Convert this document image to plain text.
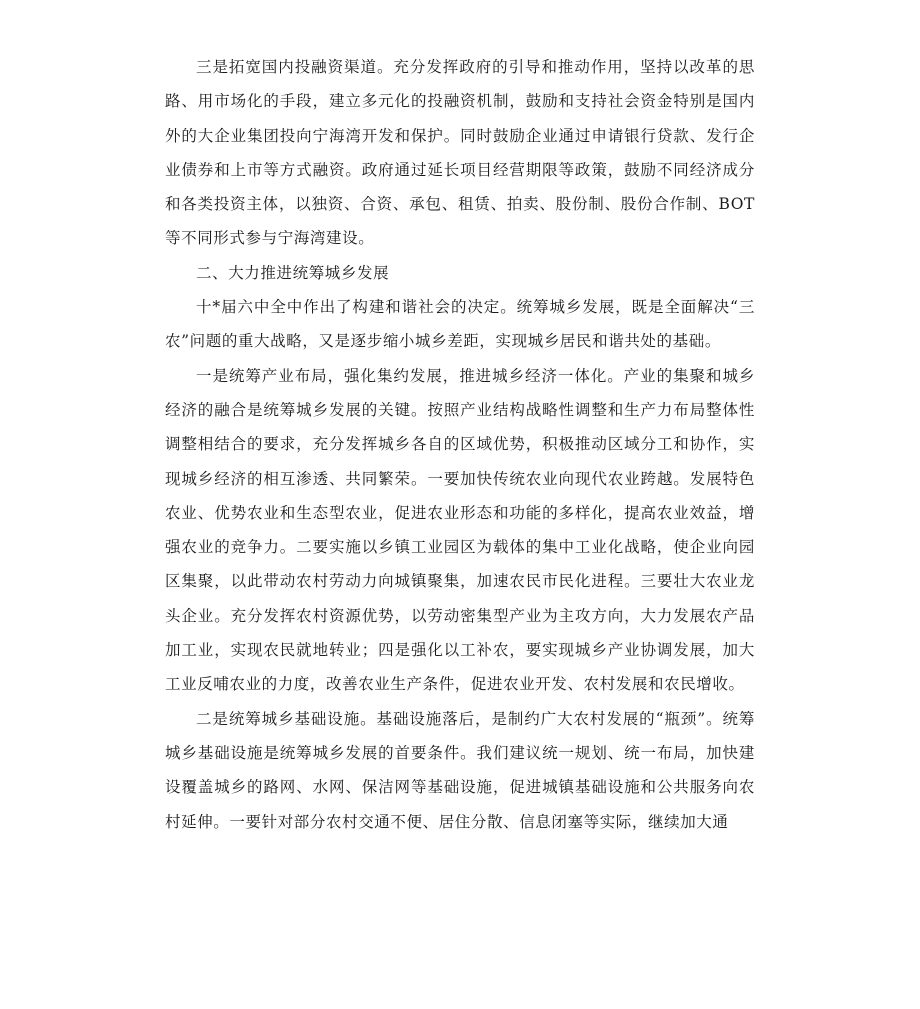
三是拓宽国内投融资渠道。充分发挥政府的引导和推动作用，坚持以改革的思路、用市场化的手段，建立多元化的投融资机制，鼓励和支持社会资金特别是国内外的大企业集团投向宁海湾开发和保护。同时鼓励企业通过申请银行贷款、发行企业债券和上市等方式融资。政府通过延长项目经营期限等政策，鼓励不同经济成分和各类投资主体，以独资、合资、承包、租赁、拍卖、股份制、股份合作制、BOT等不同形式参与宁海湾建设。

二、大力推进统筹城乡发展

十*届六中全中作出了构建和谐社会的决定。统筹城乡发展，既是全面解决“三农”问题的重大战略，又是逐步缩小城乡差距，实现城乡居民和谐共处的基础。

一是统筹产业布局，强化集约发展，推进城乡经济一体化。产业的集聚和城乡经济的融合是统筹城乡发展的关键。按照产业结构战略性调整和生产力布局整体性调整相结合的要求，充分发挥城乡各自的区域优势，积极推动区域分工和协作，实现城乡经济的相互渗透、共同繁荣。一要加快传统农业向现代农业跨越。发展特色农业、优势农业和生态型农业，促进农业形态和功能的多样化，提高农业效益，增强农业的竞争力。二要实施以乡镇工业园区为载体的集中工业化战略，使企业向园区集聚，以此带动农村劳动力向城镇聚集，加速农民市民化进程。三要壮大农业龙头企业。充分发挥农村资源优势，以劳动密集型产业为主攻方向，大力发展农产品加工业，实现农民就地转业；四是强化以工补农，要实现城乡产业协调发展，加大工业反哺农业的力度，改善农业生产条件，促进农业开发、农村发展和农民增收。

二是统筹城乡基础设施。基础设施落后，是制约广大农村发展的“瓶颈”。统筹城乡基础设施是统筹城乡发展的首要条件。我们建议统一规划、统一布局，加快建设覆盖城乡的路网、水网、保洁网等基础设施，促进城镇基础设施和公共服务向农村延伸。一要针对部分农村交通不便、居住分散、信息闭塞等实际，继续加大通
